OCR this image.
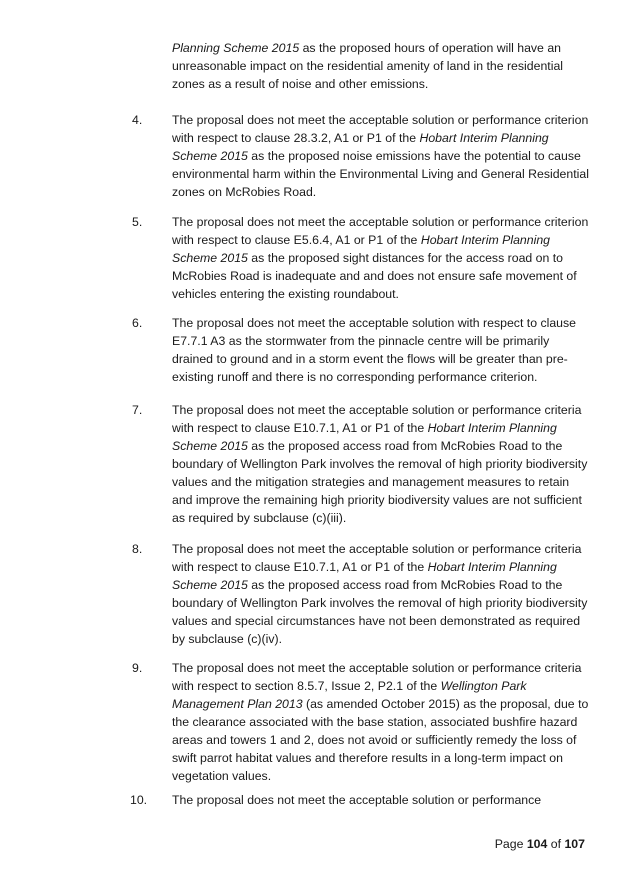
Planning Scheme 2015 as the proposed hours of operation will have an unreasonable impact on the residential amenity of land in the residential zones as a result of noise and other emissions.

4. The proposal does not meet the acceptable solution or performance criterion with respect to clause 28.3.2, A1 or P1 of the Hobart Interim Planning Scheme 2015 as the proposed noise emissions have the potential to cause environmental harm within the Environmental Living and General Residential zones on McRobies Road.

5. The proposal does not meet the acceptable solution or performance criterion with respect to clause E5.6.4, A1 or P1 of the Hobart Interim Planning Scheme 2015 as the proposed sight distances for the access road on to McRobies Road is inadequate and and does not ensure safe movement of vehicles entering the existing roundabout.

6. The proposal does not meet the acceptable solution with respect to clause E7.7.1 A3 as the stormwater from the pinnacle centre will be primarily drained to ground and in a storm event the flows will be greater than pre-existing runoff and there is no corresponding performance criterion.

7. The proposal does not meet the acceptable solution or performance criteria with respect to clause E10.7.1, A1 or P1 of the Hobart Interim Planning Scheme 2015 as the proposed access road from McRobies Road to the boundary of Wellington Park involves the removal of high priority biodiversity values and the mitigation strategies and management measures to retain and improve the remaining high priority biodiversity values are not sufficient as required by subclause (c)(iii).

8. The proposal does not meet the acceptable solution or performance criteria with respect to clause E10.7.1, A1 or P1 of the Hobart Interim Planning Scheme 2015 as the proposed access road from McRobies Road to the boundary of Wellington Park involves the removal of high priority biodiversity values and special circumstances have not been demonstrated as required by subclause (c)(iv).

9. The proposal does not meet the acceptable solution or performance criteria with respect to section 8.5.7, Issue 2, P2.1 of the Wellington Park Management Plan 2013 (as amended October 2015) as the proposal, due to the clearance associated with the base station, associated bushfire hazard areas and towers 1 and 2, does not avoid or sufficiently remedy the loss of swift parrot habitat values and therefore results in a long-term impact on vegetation values.

10. The proposal does not meet the acceptable solution or performance

Page 104 of 107
